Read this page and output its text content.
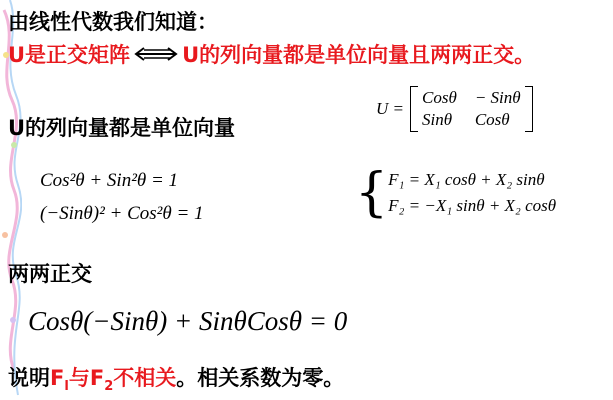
由线性代数我们知道：
U是正交矩阵 U的列向量都是单位向量且两两正交。
U的列向量都是单位向量
U =
Cosθ − Sinθ
Sinθ Cosθ
Cos²θ + Sin²θ = 1
(−Sinθ)² + Cos²θ = 1	{ F₁ = X₁ cosθ + X₂ sinθ
F₂ = −X₁ sinθ + X₂ cosθ
两两正交
Cosθ(−Sinθ) + SinθCosθ = 0
说明 $F_l$ 与 $F_2$ 不相关 。相关系数为零。
